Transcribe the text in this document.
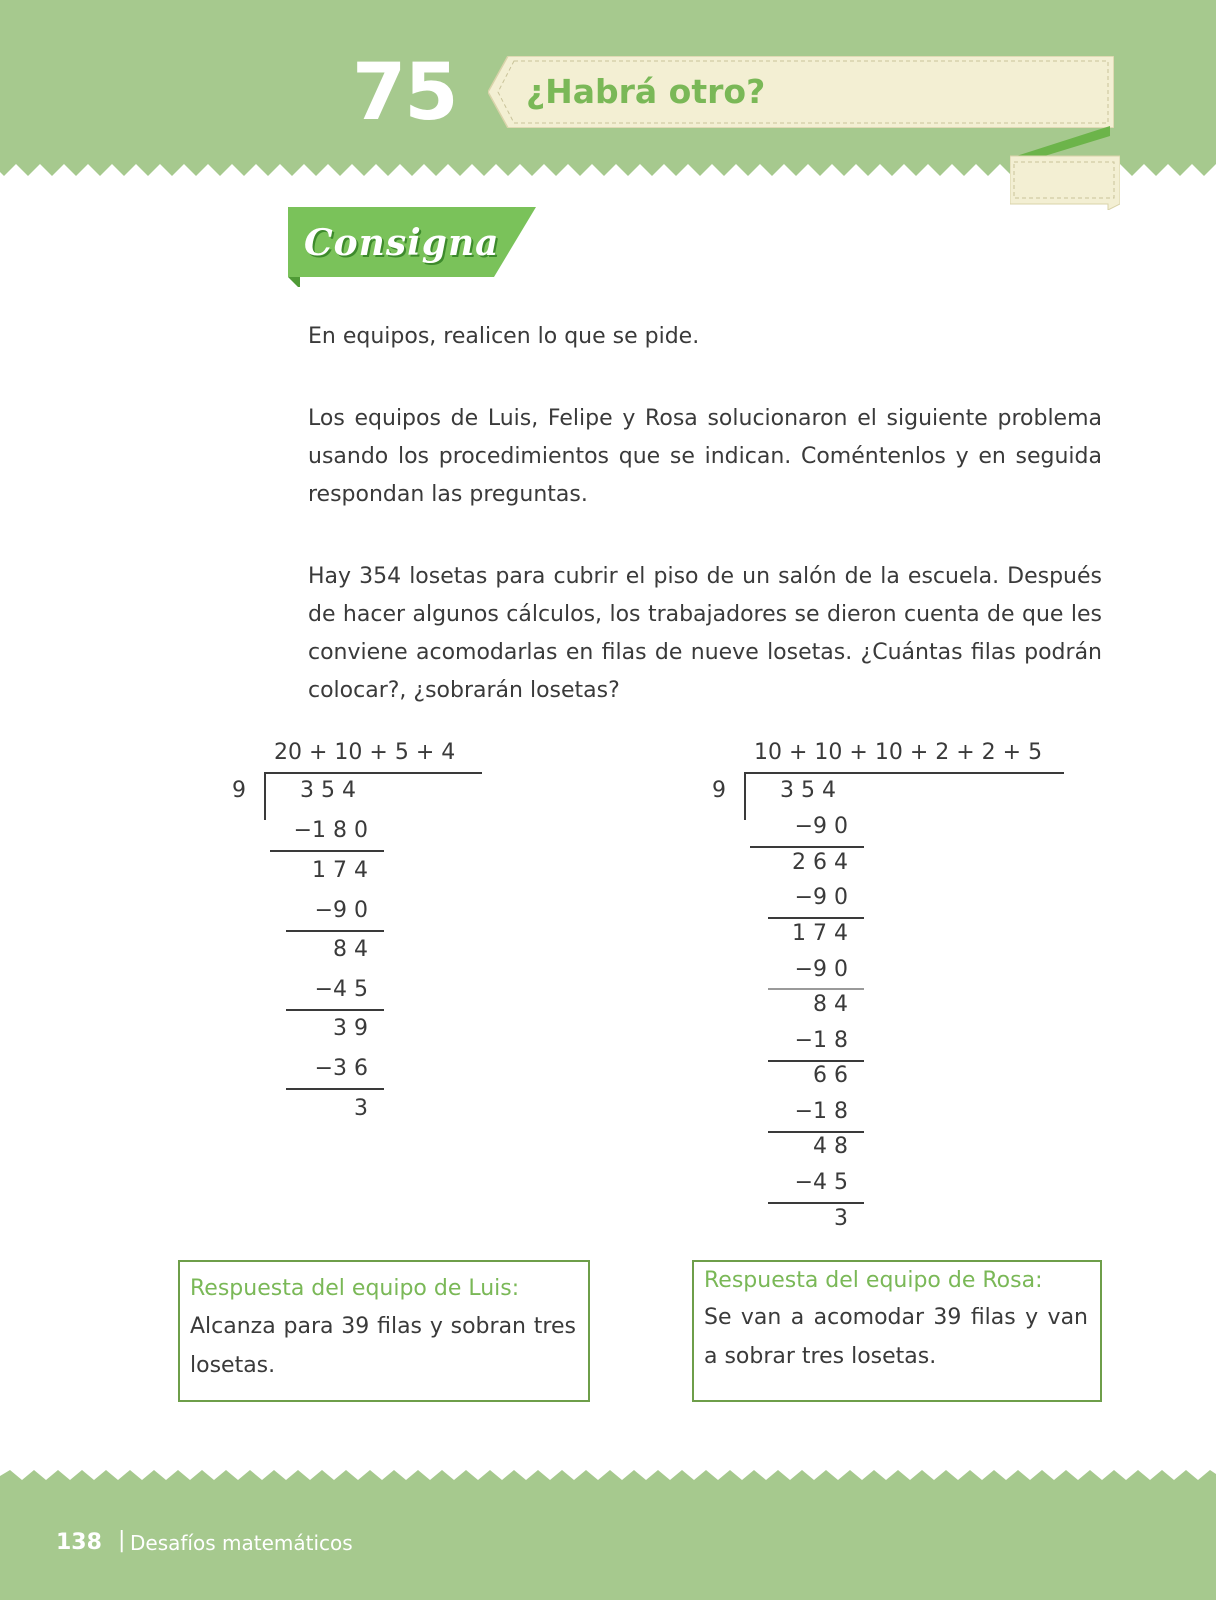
75 ¿Habrá otro?
Consigna
En equipos, realicen lo que se pide.
Los equipos de Luis, Felipe y Rosa solucionaron el siguiente problema usando los procedimientos que se indican. Coméntenlos y en seguida respondan las preguntas.
Hay 354 losetas para cubrir el piso de un salón de la escuela. Después de hacer algunos cálculos, los trabajadores se dieron cuenta de que les conviene acomodarlas en filas de nueve losetas. ¿Cuántas filas podrán colocar?, ¿sobrarán losetas?
20 + 10 + 5 + 4
9 3 5 4
−1 8 0
1 7 4
−9 0
8 4
−4 5
3 9
−3 6
3
10 + 10 + 10 + 2 + 2 + 5
9 3 5 4
−9 0
2 6 4
−9 0
1 7 4
−9 0
8 4
−1 8
6 6
−1 8
4 8
−4 5
3
Respuesta del equipo de Luis:
Alcanza para 39 filas y sobran tres losetas.
Respuesta del equipo de Rosa:
Se van a acomodar 39 filas y van a sobrar tres losetas.
138 | Desafíos matemáticos
